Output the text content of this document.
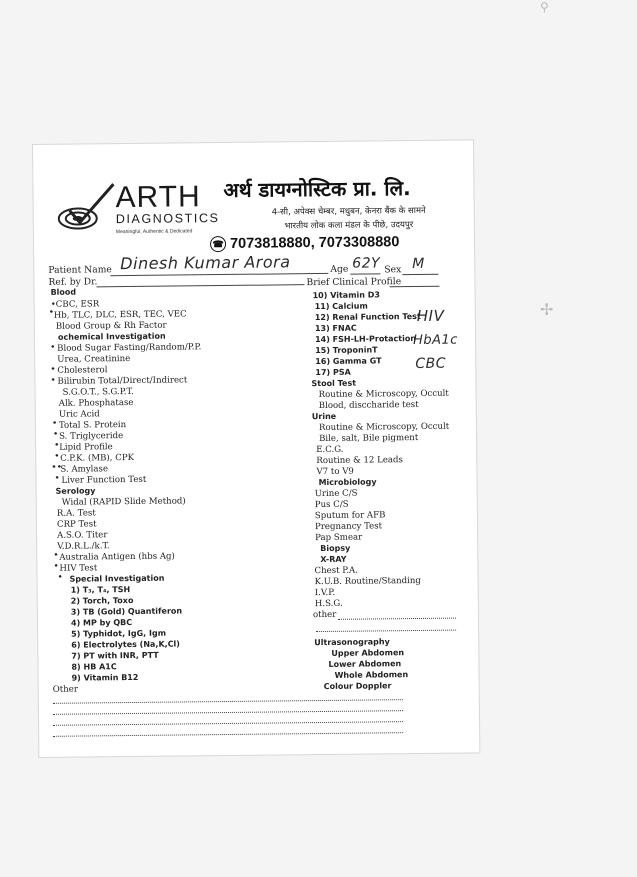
ARTH
DIAGNOSTICS
Meaningful, Authentic & Dedicated
अर्थ डायग्नोस्टिक प्रा. लि.
4-सी, अपेक्स चेम्बर, मधुबन, केनरा बैंक के सामने
भारतीय लोक कला मंडल के पीछे, उदयपुर
☎ 7073818880, 7073308880
Patient Name Dinesh Kumar Arora	Age 62Y Sex M
Ref. by Dr.	Brief Clinical Profile
Blood
•CBC, ESR
• Hb, TLC, DLC, ESR, TEC, VEC
Blood Group & Rh Factor
ochemical Investigation
• Blood Sugar Fasting/Random/P.P.
Urea, Creatinine
• Cholesterol
• Bilirubin Total/Direct/Indirect
S.G.O.T., S.G.P.T.
Alk. Phosphatase
Uric Acid
• Total S. Protein
• S. Triglyceride
• Lipid Profile
• C.P.K. (MB), CPK
••
S. Amylase
• Liver Function Test
Serology
Widal (RAPID Slide Method)
R.A. Test
CRP Test
A.S.O. Titer
V.D.R.L./k.T.
• Australia Antigen (hbs Ag)
• HIV Test
• Special Investigation
1) T₃, T₄, TSH
2) Torch, Toxo
3) TB (Gold) Quantiferon
4) MP by QBC
5) Typhidot, IgG, Igm
6) Electrolytes (Na,K,Cl)
7) PT with INR, PTT
8) HB A1C
9) Vitamin B12
Other
10) Vitamin D3
11) Calcium
12) Renal Function Test
13) FNAC
14) FSH-LH-Protaction
15) TroponinT
16) Gamma GT
17) PSA
Stool Test
Routine & Microscopy, Occult
Blood, disccharide test
Urine
Routine & Microscopy, Occult
Bile, salt, Bile pigment
E.C.G.
Routine & 12 Leads
V7 to V9
Microbiology
Urine C/S
Pus C/S
Sputum for AFB
Pregnancy Test
Pap Smear
Biopsy
X-RAY
Chest P.A.
K.U.B. Routine/Standing
I.V.P.
H.S.G.
other
Ultrasonography
Upper Abdomen
Lower Abdomen
Whole Abdomen
Colour Doppler
HIV
HbA1c
CBC
✢
⚲
